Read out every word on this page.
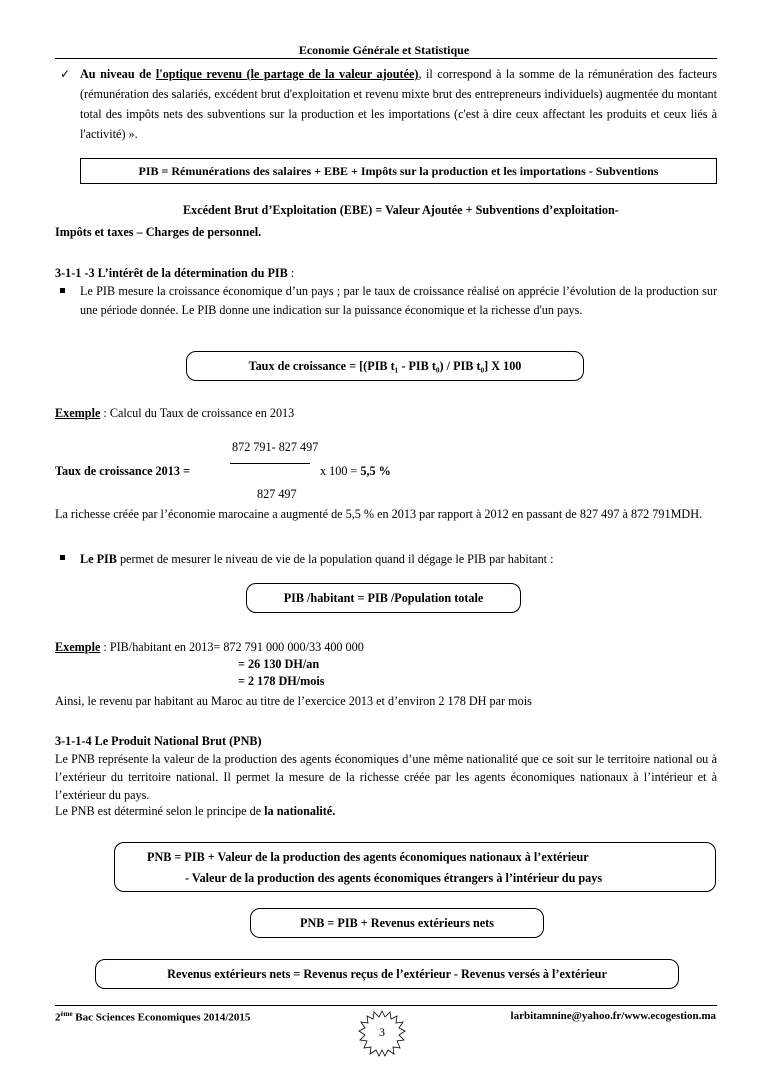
Economie Générale et Statistique
✓ Au niveau de l'optique revenu (le partage de la valeur ajoutée), il correspond à la somme de la rémunération des facteurs (rémunération des salariés, excédent brut d'exploitation et revenu mixte brut des entrepreneurs individuels) augmentée du montant total des impôts nets des subventions sur la production et les importations (c'est à dire ceux affectant les produits et ceux liés à l'activité) ».
PIB = Rémunérations des salaires + EBE + Impôts sur la production et les importations - Subventions
Excédent Brut d’Exploitation (EBE) = Valeur Ajoutée + Subventions d’exploitation-
Impôts et taxes – Charges de personnel.
3-1-1 -3 L’intérêt de la détermination du PIB :
Le PIB mesure la croissance économique d’un pays ; par le taux de croissance réalisé on apprécie l’évolution de la production sur une période donnée. Le PIB donne une indication sur la puissance économique et la richesse d'un pays.
Taux de croissance = [(PIB t₁ - PIB t₀) / PIB t₀] X 100
Exemple : Calcul du Taux de croissance en 2013
872 791- 827 497
Taux de croissance 2013 =	x 100 = 5,5 %
827 497
La richesse créée par l’économie marocaine a augmenté de 5,5 % en 2013 par rapport à 2012 en passant de 827 497 à 872 791MDH.
Le PIB permet de mesurer le niveau de vie de la population quand il dégage le PIB par habitant :
PIB /habitant = PIB /Population totale
Exemple : PIB/habitant en 2013= 872 791 000 000/33 400 000
= 26 130 DH/an
= 2 178 DH/mois
Ainsi, le revenu par habitant au Maroc au titre de l’exercice 2013 et d’environ 2 178 DH par mois
3-1-1-4 Le Produit National Brut (PNB)
Le PNB représente la valeur de la production des agents économiques d’une même nationalité que ce soit sur le territoire national ou à l’extérieur du territoire national. Il permet la mesure de la richesse créée par les agents économiques nationaux à l’intérieur et à l’extérieur du pays.
Le PNB est déterminé selon le principe de la nationalité.
PNB = PIB + Valeur de la production des agents économiques nationaux à l’extérieur
- Valeur de la production des agents économiques étrangers à l’intérieur du pays
PNB = PIB + Revenus extérieurs nets
Revenus extérieurs nets = Revenus reçus de l’extérieur - Revenus versés à l’extérieur
2ème Bac Sciences Economiques 2014/2015
3
larbitamnine@yahoo.fr/www.ecogestion.ma
